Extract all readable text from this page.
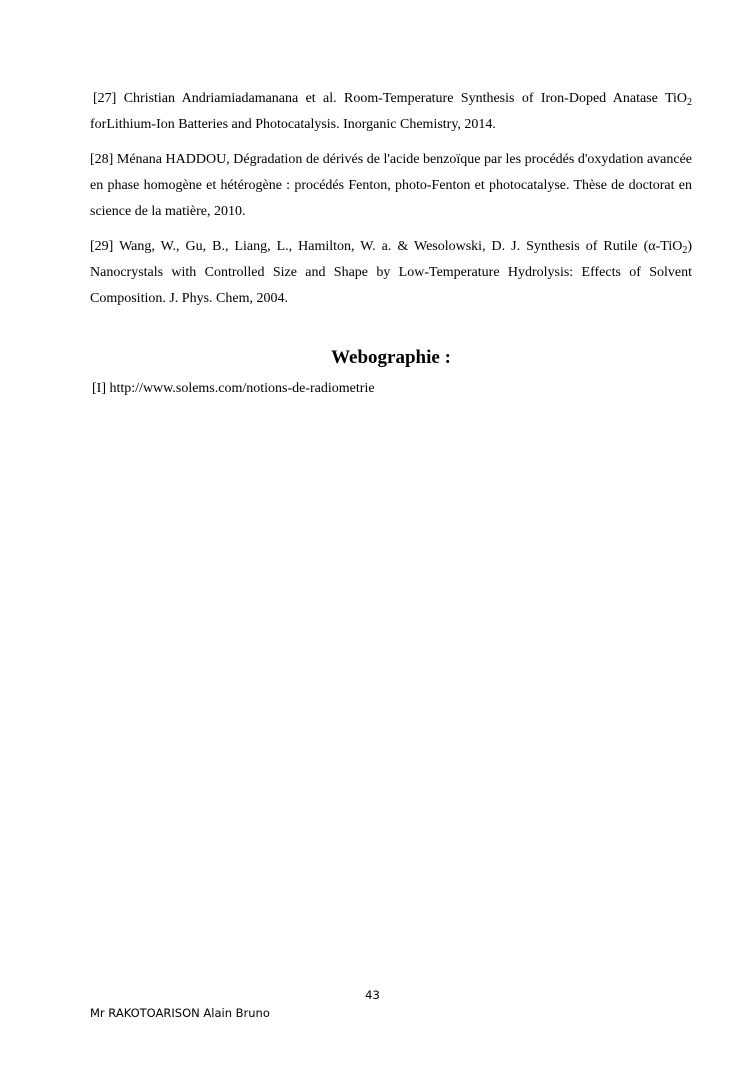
[27] Christian Andriamiadamanana et al. Room-Temperature Synthesis of Iron-Doped Anatase TiO$_2$ forLithium-Ion Batteries and Photocatalysis. Inorganic Chemistry, 2014.

[28] Ménana HADDOU, Dégradation de dérivés de l'acide benzoïque par les procédés d'oxydation avancée en phase homogène et hétérogène : procédés Fenton, photo-Fenton et photocatalyse. Thèse de doctorat en science de la matière, 2010.

[29] Wang, W., Gu, B., Liang, L., Hamilton, W. a. & Wesolowski, D. J. Synthesis of Rutile (α-TiO$_2$) Nanocrystals with Controlled Size and Shape by Low-Temperature Hydrolysis: Effects of Solvent Composition. J. Phys. Chem, 2004.

Webographie :

[I] http://www.solems.com/notions-de-radiometrie

43
Mr RAKOTOARISON Alain Bruno
